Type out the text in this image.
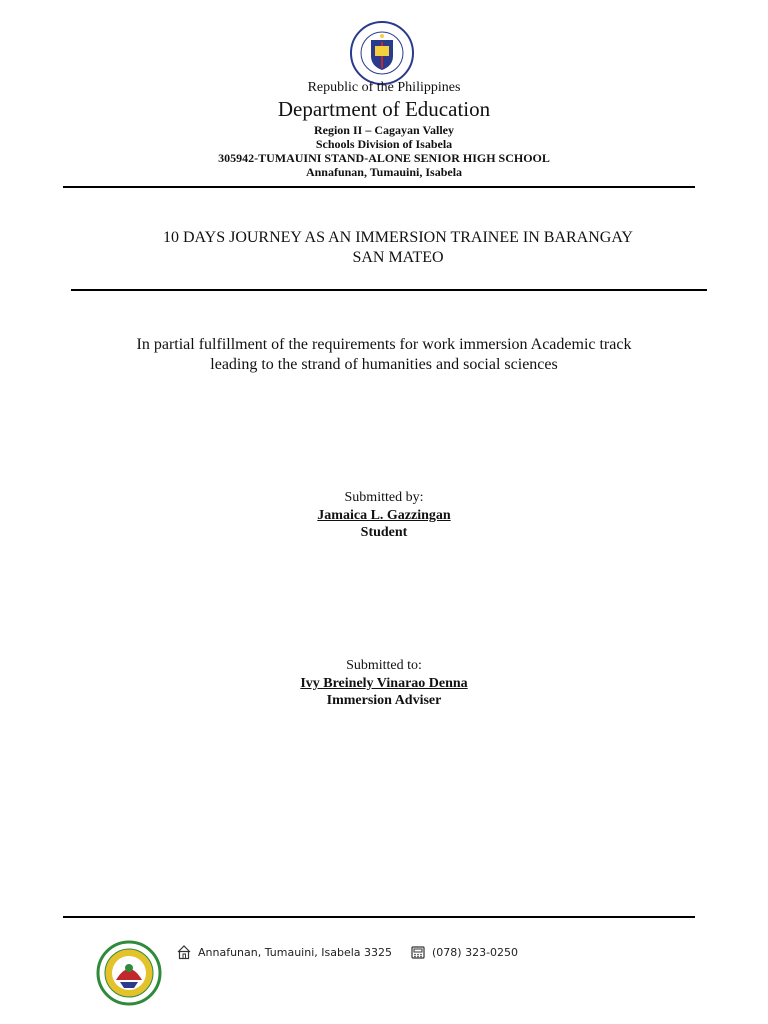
Republic of the Philippines
Department of Education
Region II – Cagayan Valley
Schools Division of Isabela
305942-TUMAUINI STAND-ALONE SENIOR HIGH SCHOOL
Annafunan, Tumauini, Isabela
10 DAYS JOURNEY AS AN IMMERSION TRAINEE IN BARANGAY
SAN MATEO
In partial fulfillment of the requirements for work immersion Academic track
leading to the strand of humanities and social sciences
Submitted by:
Jamaica L. Gazzingan
Student
Submitted to:
Ivy Breinely Vinarao Denna
Immersion Adviser
Annafunan, Tumauini, Isabela 3325	(078) 323-0250
